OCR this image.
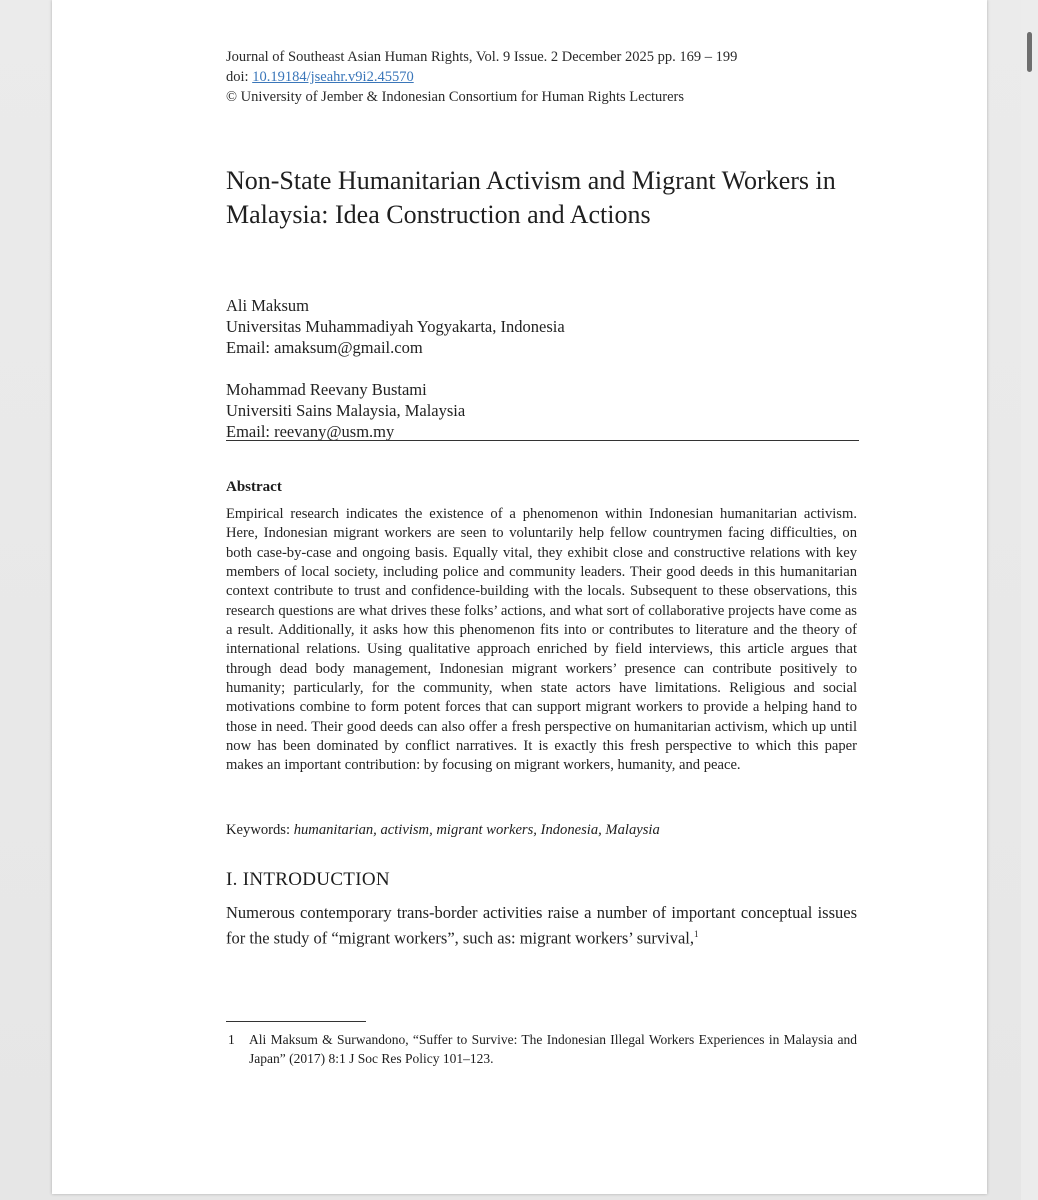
Journal of Southeast Asian Human Rights, Vol. 9 Issue. 2 December 2025 pp. 169 – 199
doi: 10.19184/jseahr.v9i2.45570
© University of Jember & Indonesian Consortium for Human Rights Lecturers
Non-State Humanitarian Activism and Migrant Workers in Malaysia: Idea Construction and Actions
Ali Maksum
Universitas Muhammadiyah Yogyakarta, Indonesia
Email: amaksum@gmail.com
Mohammad Reevany Bustami
Universiti Sains Malaysia, Malaysia
Email: reevany@usm.my
Abstract
Empirical research indicates the existence of a phenomenon within Indonesian humanitarian activism. Here, Indonesian migrant workers are seen to voluntarily help fellow countrymen facing difficulties, on both case-by-case and ongoing basis. Equally vital, they exhibit close and constructive relations with key members of local society, including police and community leaders. Their good deeds in this humanitarian context contribute to trust and confidence-building with the locals. Subsequent to these observations, this research questions are what drives these folks’ actions, and what sort of collaborative projects have come as a result. Additionally, it asks how this phenomenon fits into or contributes to literature and the theory of international relations. Using qualitative approach enriched by field interviews, this article argues that through dead body management, Indonesian migrant workers’ presence can contribute positively to humanity; particularly, for the community, when state actors have limitations. Religious and social motivations combine to form potent forces that can support migrant workers to provide a helping hand to those in need. Their good deeds can also offer a fresh perspective on humanitarian activism, which up until now has been dominated by conflict narratives. It is exactly this fresh perspective to which this paper makes an important contribution: by focusing on migrant workers, humanity, and peace.
Keywords: humanitarian, activism, migrant workers, Indonesia, Malaysia
I. INTRODUCTION
Numerous contemporary trans-border activities raise a number of important conceptual issues for the study of “migrant workers”, such as: migrant workers’ survival,$^1$
1 Ali Maksum & Surwandono, “Suffer to Survive: The Indonesian Illegal Workers Experiences in Malaysia and Japan” (2017) 8:1 J Soc Res Policy 101–123.
